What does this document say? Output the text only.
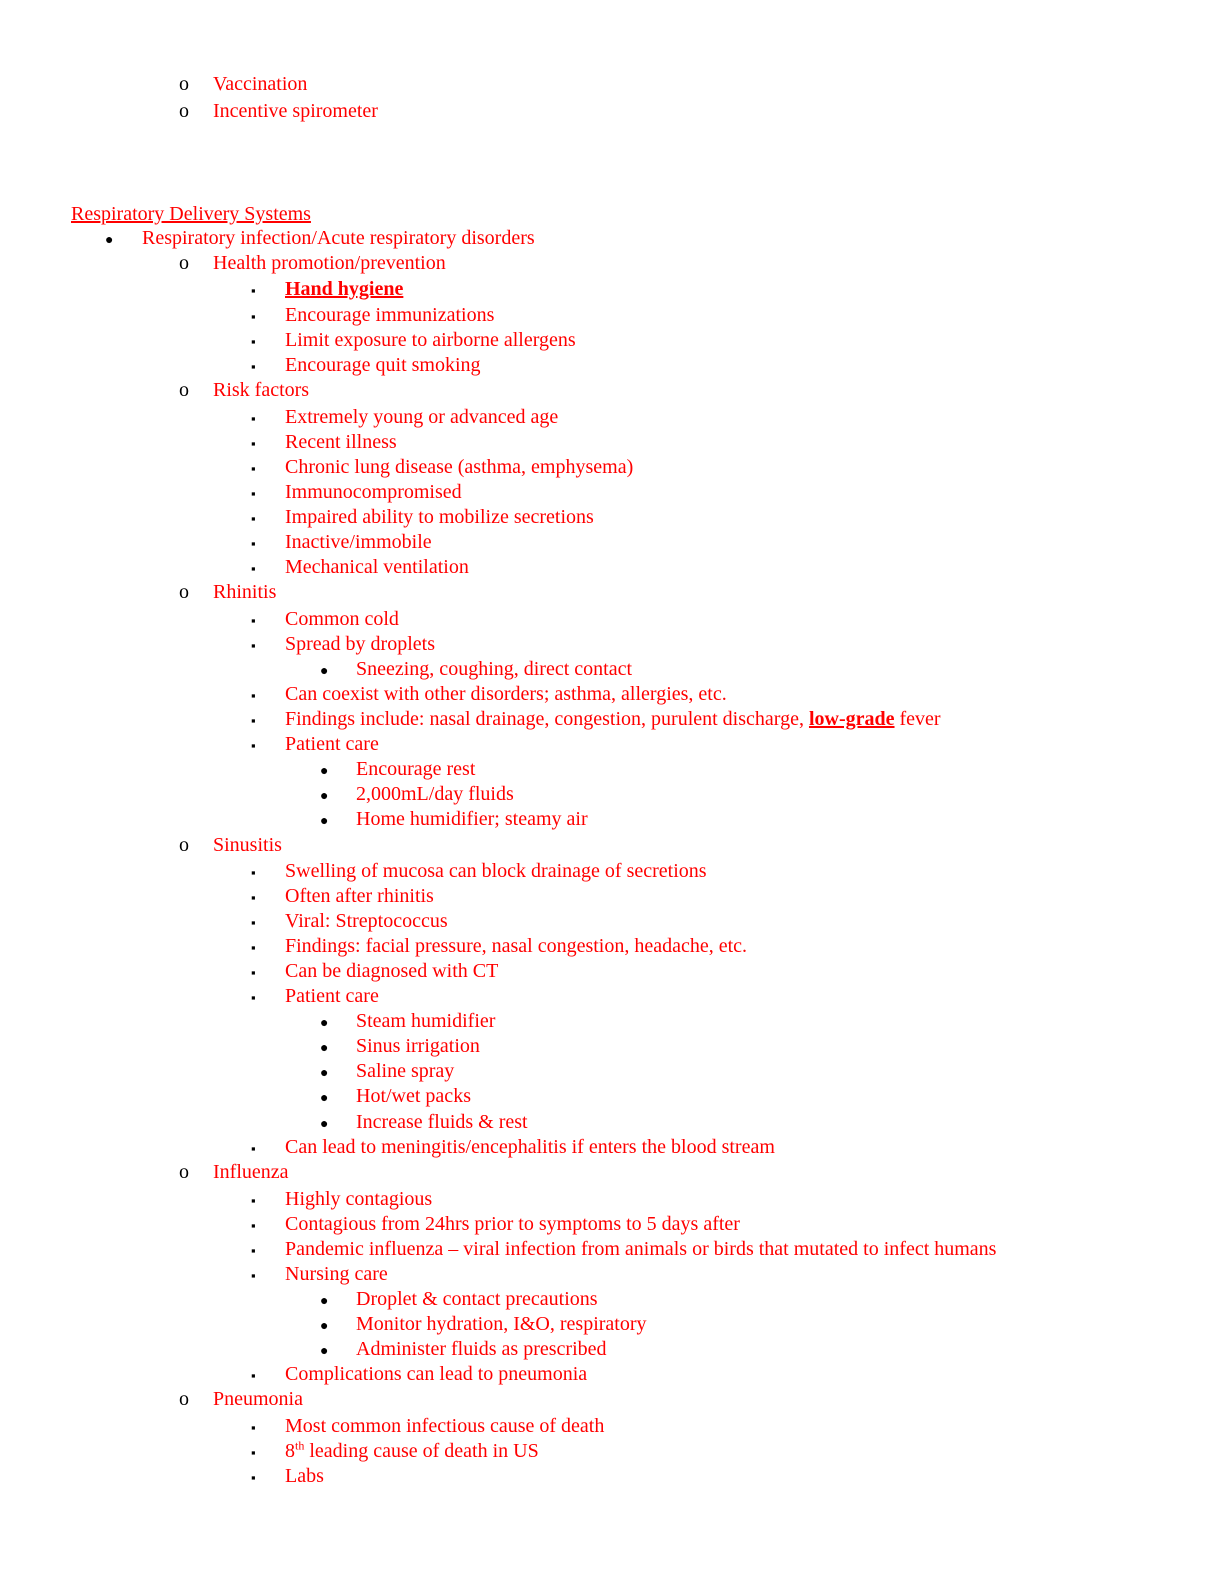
o Vaccination
o Incentive spirometer
Respiratory Delivery Systems
● Respiratory infection/Acute respiratory disorders
o Health promotion/prevention
▪ Hand hygiene
▪ Encourage immunizations
▪ Limit exposure to airborne allergens
▪ Encourage quit smoking
o Risk factors
▪ Extremely young or advanced age
▪ Recent illness
▪ Chronic lung disease (asthma, emphysema)
▪ Immunocompromised
▪ Impaired ability to mobilize secretions
▪ Inactive/immobile
▪ Mechanical ventilation
o Rhinitis
▪ Common cold
▪ Spread by droplets
● Sneezing, coughing, direct contact
▪ Can coexist with other disorders; asthma, allergies, etc.
▪ Findings include: nasal drainage, congestion, purulent discharge, low-grade fever
▪ Patient care
● Encourage rest
● 2,000mL/day fluids
● Home humidifier; steamy air
o Sinusitis
▪ Swelling of mucosa can block drainage of secretions
▪ Often after rhinitis
▪ Viral: Streptococcus
▪ Findings: facial pressure, nasal congestion, headache, etc.
▪ Can be diagnosed with CT
▪ Patient care
● Steam humidifier
● Sinus irrigation
● Saline spray
● Hot/wet packs
● Increase fluids & rest
▪ Can lead to meningitis/encephalitis if enters the blood stream
o Influenza
▪ Highly contagious
▪ Contagious from 24hrs prior to symptoms to 5 days after
▪ Pandemic influenza – viral infection from animals or birds that mutated to infect humans
▪ Nursing care
● Droplet & contact precautions
● Monitor hydration, I&O, respiratory
● Administer fluids as prescribed
▪ Complications can lead to pneumonia
o Pneumonia
▪ Most common infectious cause of death
▪ 8th leading cause of death in US
▪ Labs
